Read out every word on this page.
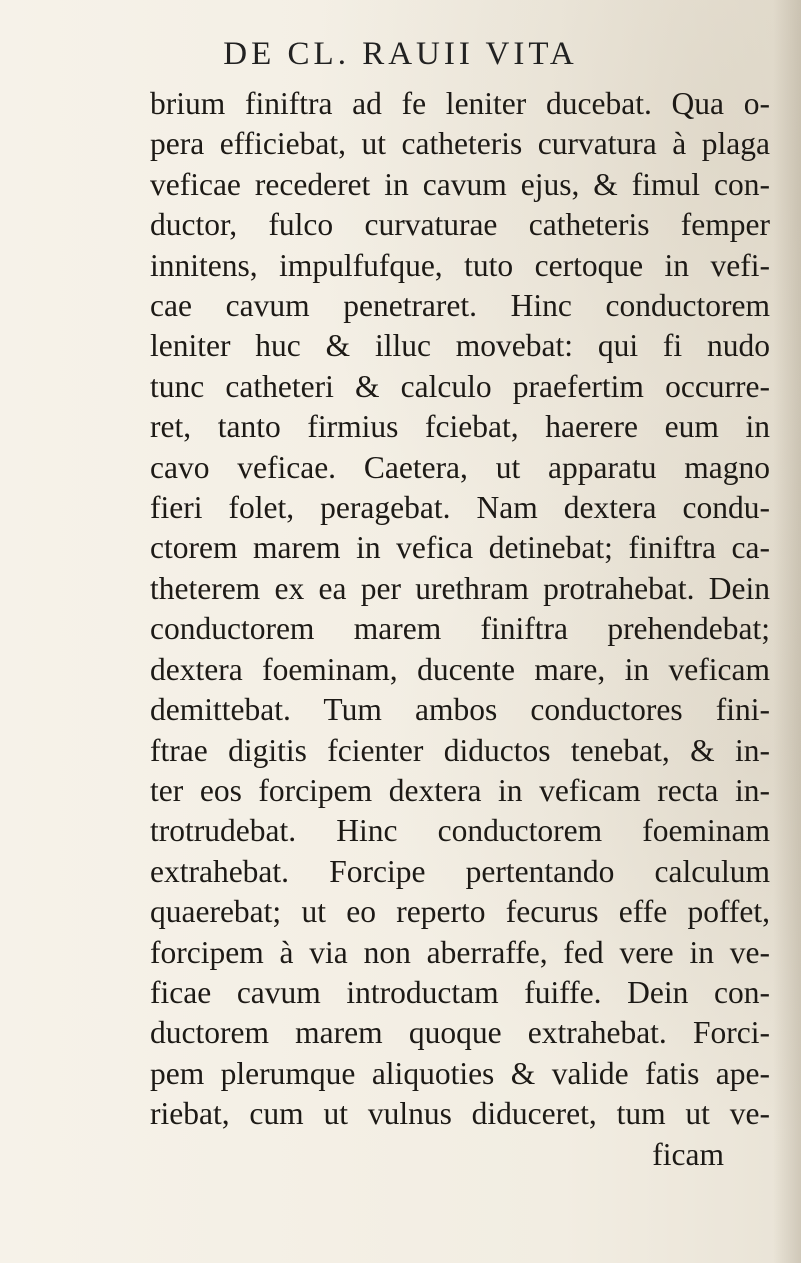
DE CL. RAUII VITA
brium finiftra ad fe leniter ducebat. Qua o-
pera efficiebat, ut catheteris curvatura à plaga
veficae recederet in cavum ejus, & fimul con-
ductor, fulco curvaturae catheteris femper
innitens, impulfufque, tuto certoque in vefi-
cae cavum penetraret. Hinc conductorem
leniter huc & illuc movebat: qui fi nudo
tunc catheteri & calculo praefertim occurre-
ret, tanto firmius fciebat, haerere eum in
cavo veficae. Caetera, ut apparatu magno
fieri folet, peragebat. Nam dextera condu-
ctorem marem in vefica detinebat; finiftra ca-
theterem ex ea per urethram protrahebat. Dein
conductorem marem finiftra prehendebat;
dextera foeminam, ducente mare, in veficam
demittebat. Tum ambos conductores fini-
ftrae digitis fcienter diductos tenebat, & in-
ter eos forcipem dextera in veficam recta in-
trotrudebat. Hinc conductorem foeminam
extrahebat. Forcipe pertentando calculum
quaerebat; ut eo reperto fecurus effe poffet,
forcipem à via non aberraffe, fed vere in ve-
ficae cavum introductam fuiffe. Dein con-
ductorem marem quoque extrahebat. Forci-
pem plerumque aliquoties & valide fatis ape-
riebat, cum ut vulnus diduceret, tum ut ve-
ficam
